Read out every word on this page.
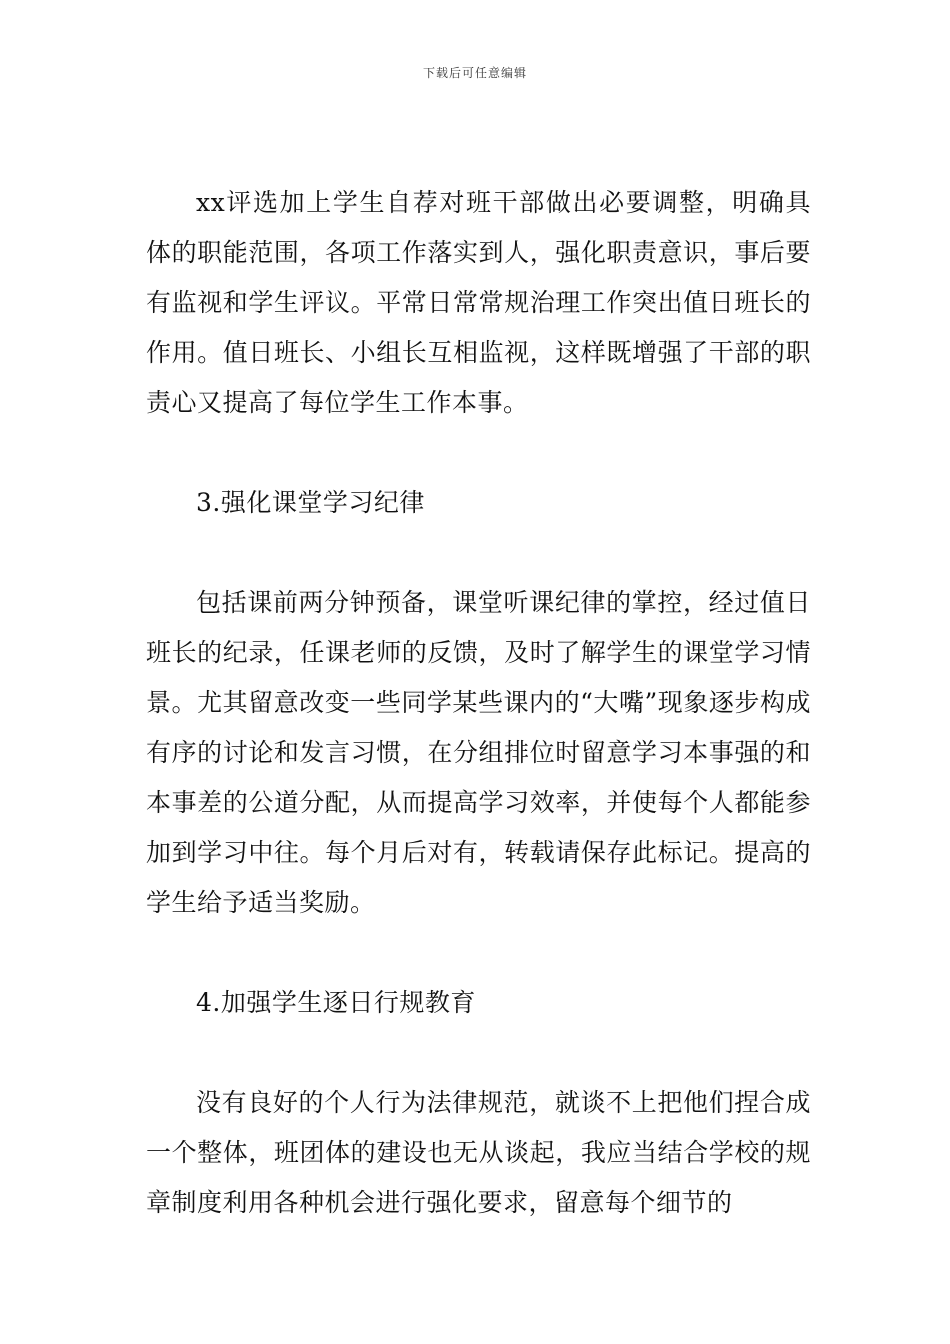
下载后可任意编辑

xx评选加上学生自荐对班干部做出必要调整，明确具体的职能范围，各项工作落实到人，强化职责意识，事后要有监视和学生评议。平常日常常规治理工作突出值日班长的作用。值日班长、小组长互相监视，这样既增强了干部的职责心又提高了每位学生工作本事。

3.强化课堂学习纪律

包括课前两分钟预备，课堂听课纪律的掌控，经过值日班长的纪录，任课老师的反馈，及时了解学生的课堂学习情景。尤其留意改变一些同学某些课内的“大嘴”现象逐步构成有序的讨论和发言习惯，在分组排位时留意学习本事强的和本事差的公道分配，从而提高学习效率，并使每个人都能参加到学习中往。每个月后对有，转载请保存此标记。提高的学生给予适当奖励。

4.加强学生逐日行规教育

没有良好的个人行为法律规范，就谈不上把他们捏合成一个整体，班团体的建设也无从谈起，我应当结合学校的规章制度利用各种机会进行强化要求，留意每个细节的
